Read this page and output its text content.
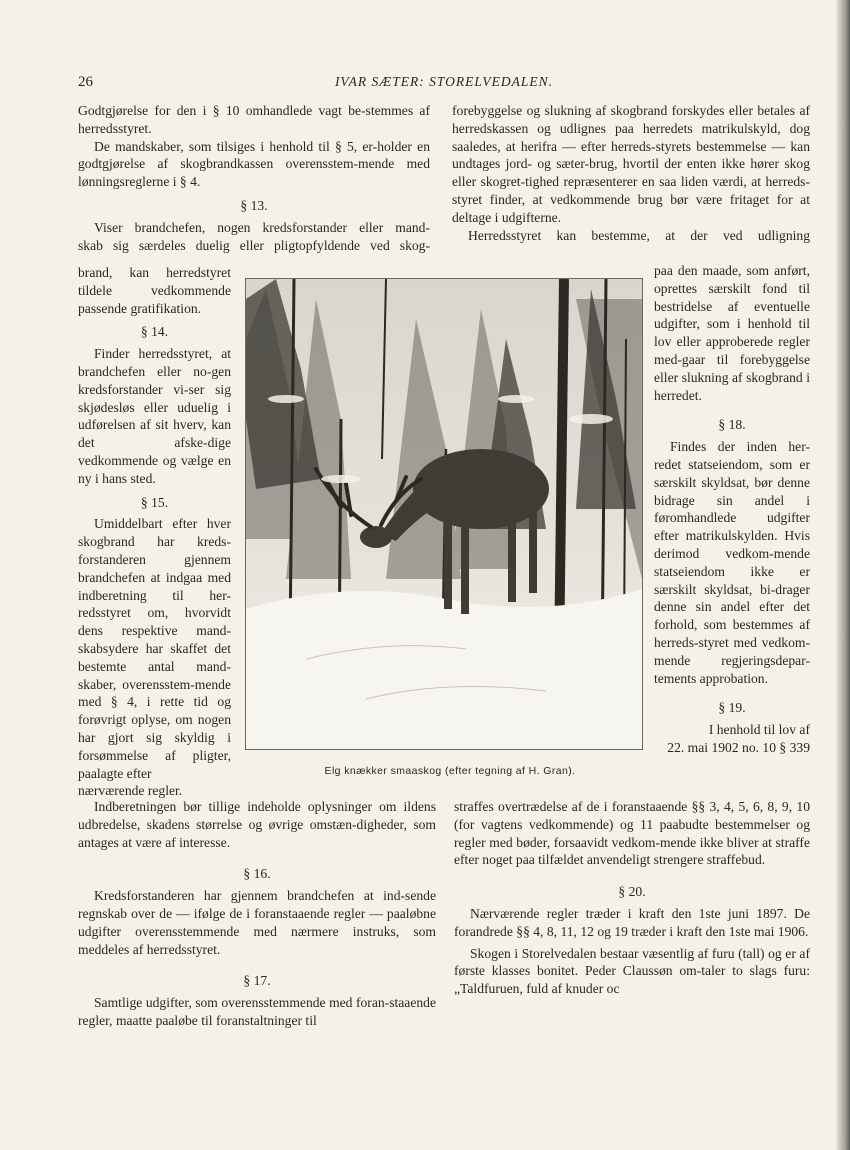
26	IVAR SÆTER: STORELVEDALEN.

Godtgjørelse for den i § 10 omhandlede vagt be-stemmes af herredsstyret.

De mandskaber, som tilsiges i henhold til § 5, er-holder en godtgjørelse af skogbrandkassen overensstem-mende med lønningsreglerne i § 4.

§ 13.

Viser brandchefen, nogen kredsforstander eller mand-

skab sig særdeles duelig eller pligtopfyldende ved skog-

brand, kan herredstyret tildele vedkommende passende gratifikation.

§ 14.

Finder herredsstyret, at brandchefen eller no-gen kredsforstander vi-ser sig skjødesløs eller uduelig i udførelsen af sit hverv, kan det afske-dige vedkommende og vælge en ny i hans sted.

§ 15.

Umiddelbart efter hver skogbrand har kreds-forstanderen gjennem brandchefen at indgaa med indberetning til her-redsstyret om, hvorvidt dens respektive mand-skabsydere har skaffet det bestemte antal mand-skaber, overensstem-mende med § 4, i rette tid og forøvrigt oplyse, om nogen har gjort sig skyldig i forsømmelse af pligter, paalagte efter

nærværende regler.

Indberetningen bør tillige indeholde oplysninger om ildens udbredelse, skadens størrelse og øvrige omstæn-digheder, som antages at være af interesse.

§ 16.

Kredsforstanderen har gjennem brandchefen at ind-sende regnskab over de — ifølge de i foranstaaende regler — paaløbne udgifter overensstemmende med nærmere instruks, som meddeles af herredsstyret.

§ 17.

Samtlige udgifter, som overensstemmende med foran-staaende regler, maatte paaløbe til foranstaltninger til

forebyggelse og slukning af skogbrand forskydes eller betales af herredskassen og udlignes paa herredets matrikulskyld, dog saaledes, at herifra — efter herreds-styrets bestemmelse — kan undtages jord- og sæter-brug, hvortil der enten ikke hører skog eller skogret-tighed repræsenterer en saa liden værdi, at herreds-styret finder, at vedkommende brug bør være fritaget for at deltage i udgifterne.

Herredsstyret kan bestemme, at der ved udligning

paa den maade, som anført, oprettes særskilt fond til bestridelse af eventuelle udgifter, som i henhold til lov eller approberede regler med-gaar til forebyggelse eller slukning af skogbrand i herredet.

§ 18.

Findes der inden her-redet statseiendom, som er særskilt skyldsat, bør denne bidrage sin andel i føromhandlede udgifter efter matrikulskylden. Hvis derimod vedkom-mende statseiendom ikke er særskilt skyldsat, bi-drager denne sin andel efter det forhold, som bestemmes af herreds-styret med vedkom-mende regjeringsdepar-tements approbation.

§ 19.

I henhold til lov af

22. mai 1902 no. 10 § 339

straffes overtrædelse af de i foranstaaende §§ 3, 4, 5, 6, 8, 9, 10 (for vagtens vedkommende) og 11 paabudte bestemmelser og regler med bøder, forsaavidt vedkom-mende ikke bliver at straffe efter noget paa tilfældet anvendeligt strengere straffebud.

§ 20.

Nærværende regler træder i kraft den 1ste juni 1897. De forandrede §§ 4, 8, 11, 12 og 19 træder i kraft den 1ste mai 1906.

Skogen i Storelvedalen bestaar væsentlig af furu (tall) og er af første klasses bonitet. Peder Claussøn om-taler to slags furu: „Taldfuruen, fuld af knuder oc

Elg knækker smaaskog (efter tegning af H. Gran).
